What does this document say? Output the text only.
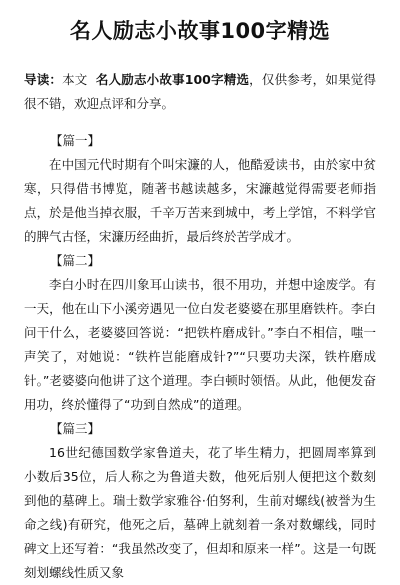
名人励志小故事100字精选

导读：本文 名人励志小故事100字精选，仅供参考，如果觉得很不错，欢迎点评和分享。

【篇一】

在中国元代时期有个叫宋濂的人，他酷爱读书，由於家中贫寒，只得借书博览，随著书越读越多，宋濂越觉得需要老师指点，於是他当掉衣服，千辛万苦来到城中，考上学馆，不料学官的脾气古怪，宋濂历经曲折，最后终於苦学成才。

【篇二】

李白小时在四川象耳山读书，很不用功，并想中途废学。有一天，他在山下小溪旁遇见一位白发老婆婆在那里磨铁杵。李白问干什么，老婆婆回答说：“把铁杵磨成针。”李白不相信，嗤一声笑了，对她说：“铁杵岂能磨成针?”“只要功夫深，铁杵磨成针。”老婆婆向他讲了这个道理。李白顿时领悟。从此，他便发奋用功，终於懂得了“功到自然成”的道理。

【篇三】

16世纪德国数学家鲁道夫，花了毕生精力，把圆周率算到小数后35位，后人称之为鲁道夫数，他死后别人便把这个数刻到他的墓碑上。瑞士数学家雅谷·伯努利，生前对螺线(被誉为生命之线)有研究，他死之后，墓碑上就刻着一条对数螺线，同时碑文上还写着：“我虽然改变了，但却和原来一样”。这是一句既刻划螺线性质又象
